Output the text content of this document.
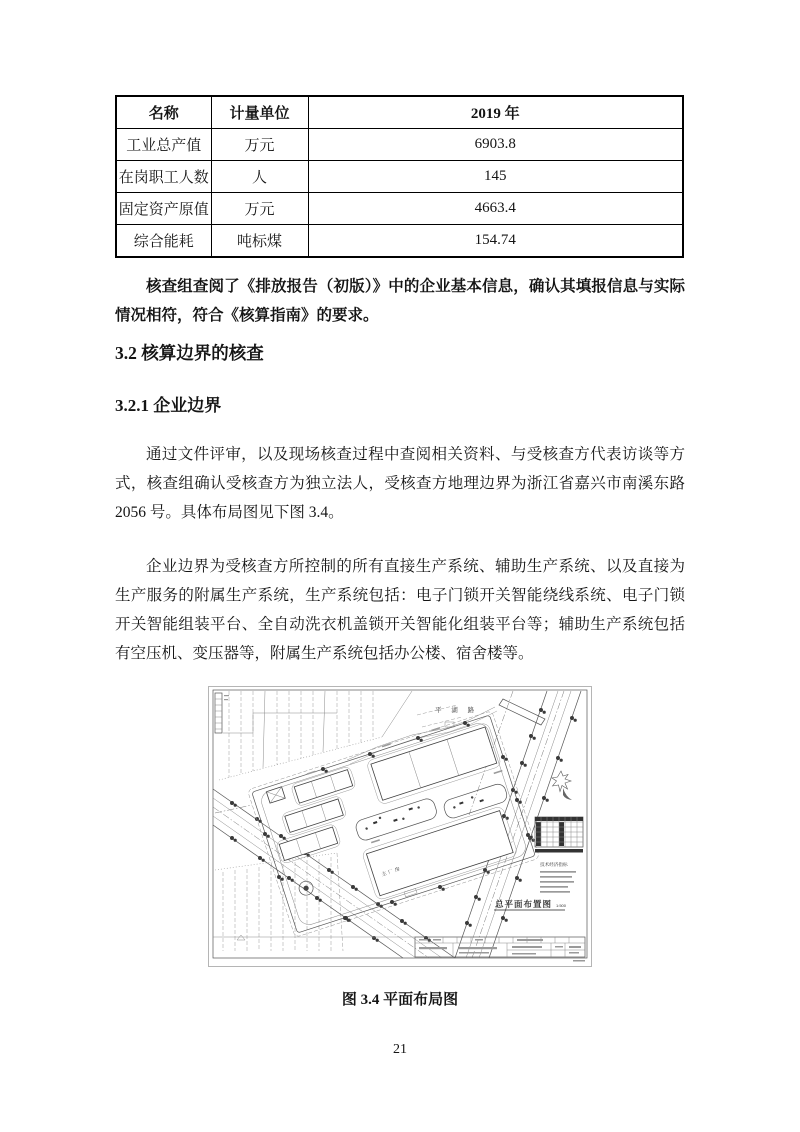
名称	计量单位	2019 年
工业总产值	万元	6903.8
在岗职工人数	人	145
固定资产原值	万元	4663.4
综合能耗	吨标煤	154.74

核查组查阅了《排放报告（初版）》中的企业基本信息，确认其填报信息与实际情况相符，符合《核算指南》的要求。

3.2 核算边界的核查
3.2.1 企业边界

通过文件评审，以及现场核查过程中查阅相关资料、与受核查方代表访谈等方式，核查组确认受核查方为独立法人，受核查方地理边界为浙江省嘉兴市南溪东路 2056 号。具体布局图见下图 3.4。

企业边界为受核查方所控制的所有直接生产系统、辅助生产系统、以及直接为生产服务的附属生产系统，生产系统包括：电子门锁开关智能绕线系统、电子门锁开关智能组装平台、全自动洗衣机盖锁开关智能化组装平台等；辅助生产系统包括有空压机、变压器等，附属生产系统包括办公楼、宿舍楼等。

主厂房
平 湖 路
技术经济指标
总平面布置图 1:500
图 3.4 平面布局图
21
